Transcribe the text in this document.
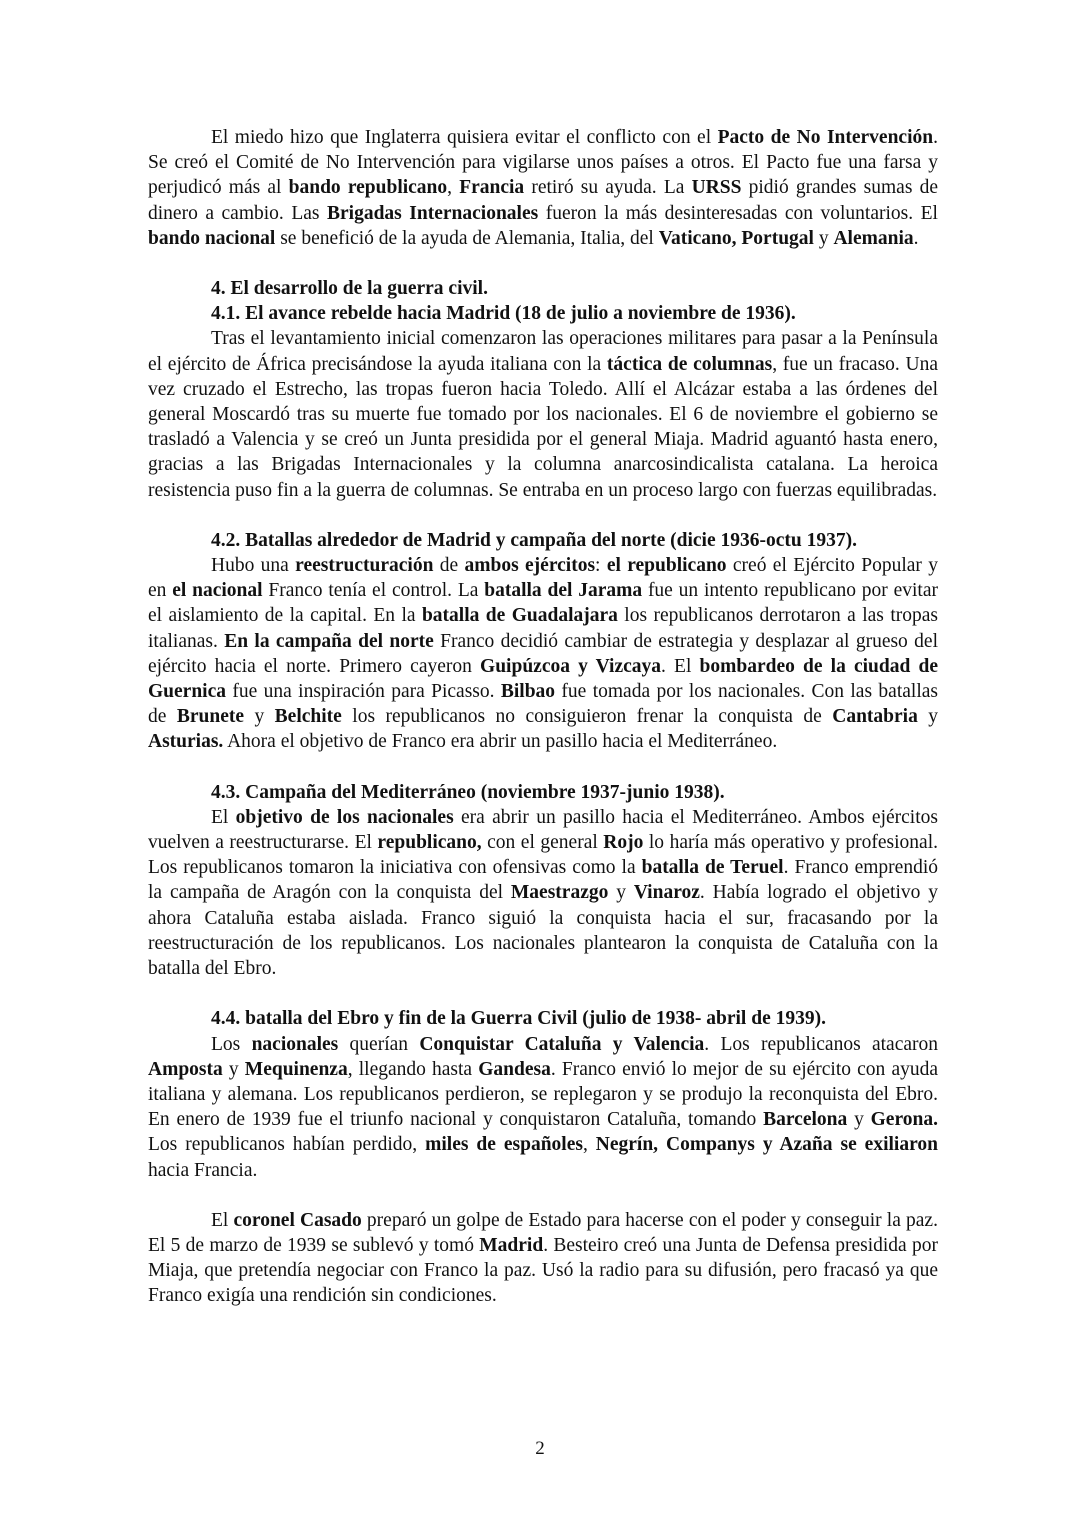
El miedo hizo que Inglaterra quisiera evitar el conflicto con el Pacto de No Intervención. Se creó el Comité de No Intervención para vigilarse unos países a otros. El Pacto fue una farsa y perjudicó más al bando republicano, Francia retiró su ayuda. La URSS pidió grandes sumas de dinero a cambio. Las Brigadas Internacionales fueron la más desinteresadas con voluntarios. El bando nacional se benefició de la ayuda de Alemania, Italia, del Vaticano, Portugal y Alemania.

4. El desarrollo de la guerra civil.

4.1. El avance rebelde hacia Madrid (18 de julio a noviembre de 1936).

Tras el levantamiento inicial comenzaron las operaciones militares para pasar a la Península el ejército de África precisándose la ayuda italiana con la táctica de columnas, fue un fracaso. Una vez cruzado el Estrecho, las tropas fueron hacia Toledo. Allí el Alcázar estaba a las órdenes del general Moscardó tras su muerte fue tomado por los nacionales. El 6 de noviembre el gobierno se trasladó a Valencia y se creó un Junta presidida por el general Miaja. Madrid aguantó hasta enero, gracias a las Brigadas Internacionales y la columna anarcosindicalista catalana. La heroica resistencia puso fin a la guerra de columnas. Se entraba en un proceso largo con fuerzas equilibradas.

4.2. Batallas alrededor de Madrid y campaña del norte (dicie 1936-octu 1937).

Hubo una reestructuración de ambos ejércitos: el republicano creó el Ejército Popular y en el nacional Franco tenía el control. La batalla del Jarama fue un intento republicano por evitar el aislamiento de la capital. En la batalla de Guadalajara los republicanos derrotaron a las tropas italianas. En la campaña del norte Franco decidió cambiar de estrategia y desplazar al grueso del ejército hacia el norte. Primero cayeron Guipúzcoa y Vizcaya. El bombardeo de la ciudad de Guernica fue una inspiración para Picasso. Bilbao fue tomada por los nacionales. Con las batallas de Brunete y Belchite los republicanos no consiguieron frenar la conquista de Cantabria y Asturias. Ahora el objetivo de Franco era abrir un pasillo hacia el Mediterráneo.

4.3. Campaña del Mediterráneo (noviembre 1937-junio 1938).

El objetivo de los nacionales era abrir un pasillo hacia el Mediterráneo. Ambos ejércitos vuelven a reestructurarse. El republicano, con el general Rojo lo haría más operativo y profesional. Los republicanos tomaron la iniciativa con ofensivas como la batalla de Teruel. Franco emprendió la campaña de Aragón con la conquista del Maestrazgo y Vinaroz. Había logrado el objetivo y ahora Cataluña estaba aislada. Franco siguió la conquista hacia el sur, fracasando por la reestructuración de los republicanos. Los nacionales plantearon la conquista de Cataluña con la batalla del Ebro.

4.4. batalla del Ebro y fin de la Guerra Civil (julio de 1938- abril de 1939).

Los nacionales querían Conquistar Cataluña y Valencia. Los republicanos atacaron Amposta y Mequinenza, llegando hasta Gandesa. Franco envió lo mejor de su ejército con ayuda italiana y alemana. Los republicanos perdieron, se replegaron y se produjo la reconquista del Ebro. En enero de 1939 fue el triunfo nacional y conquistaron Cataluña, tomando Barcelona y Gerona. Los republicanos habían perdido, miles de españoles, Negrín, Companys y Azaña se exiliaron hacia Francia.

El coronel Casado preparó un golpe de Estado para hacerse con el poder y conseguir la paz. El 5 de marzo de 1939 se sublevó y tomó Madrid. Besteiro creó una Junta de Defensa presidida por Miaja, que pretendía negociar con Franco la paz. Usó la radio para su difusión, pero fracasó ya que Franco exigía una rendición sin condiciones.

2
